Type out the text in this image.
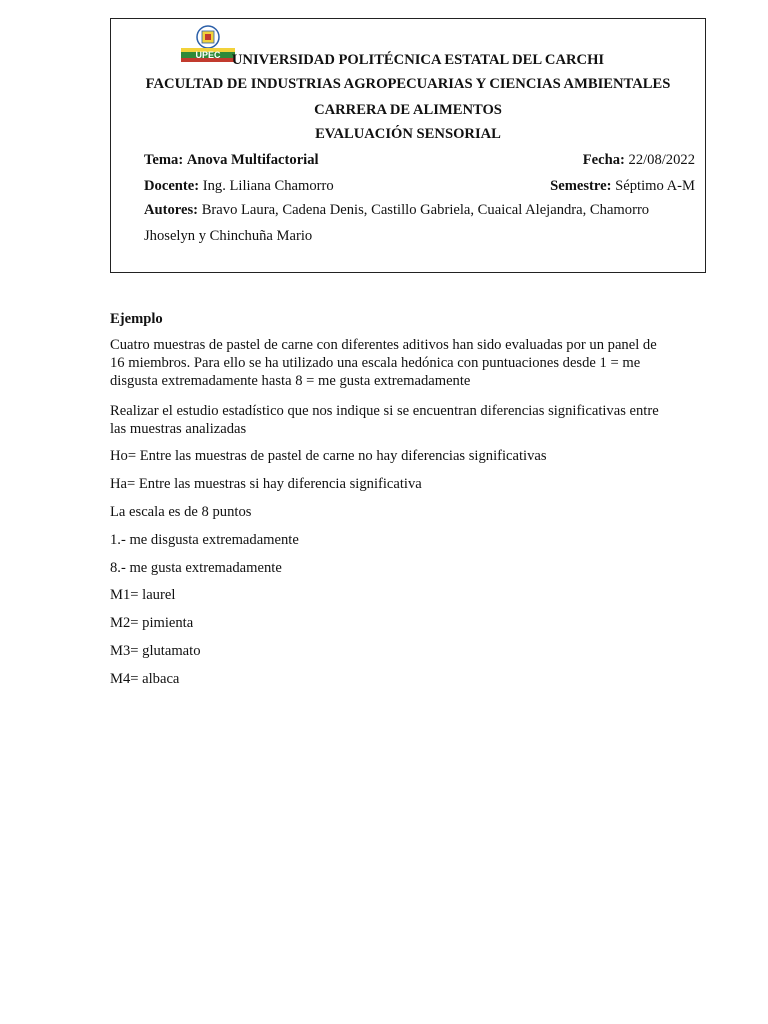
UPEC UNIVERSIDAD POLITÉCNICA ESTATAL DEL CARCHI
FACULTAD DE INDUSTRIAS AGROPECUARIAS Y CIENCIAS AMBIENTALES
CARRERA DE ALIMENTOS
EVALUACIÓN SENSORIAL
Tema: Anova Multifactorial	Fecha: 22/08/2022
Docente: Ing. Liliana Chamorro	Semestre: Séptimo A-M
Autores: Bravo Laura, Cadena Denis, Castillo Gabriela, Cuaical Alejandra, Chamorro
Jhoselyn y Chinchuña Mario
Ejemplo
Cuatro muestras de pastel de carne con diferentes aditivos han sido evaluadas por un panel de 16 miembros. Para ello se ha utilizado una escala hedónica con puntuaciones desde 1 = me disgusta extremadamente hasta 8 = me gusta extremadamente
Realizar el estudio estadístico que nos indique si se encuentran diferencias significativas entre las muestras analizadas
Ho= Entre las muestras de pastel de carne no hay diferencias significativas
Ha= Entre las muestras si hay diferencia significativa
La escala es de 8 puntos
1.- me disgusta extremadamente
8.- me gusta extremadamente
M1= laurel
M2= pimienta
M3= glutamato
M4= albaca
